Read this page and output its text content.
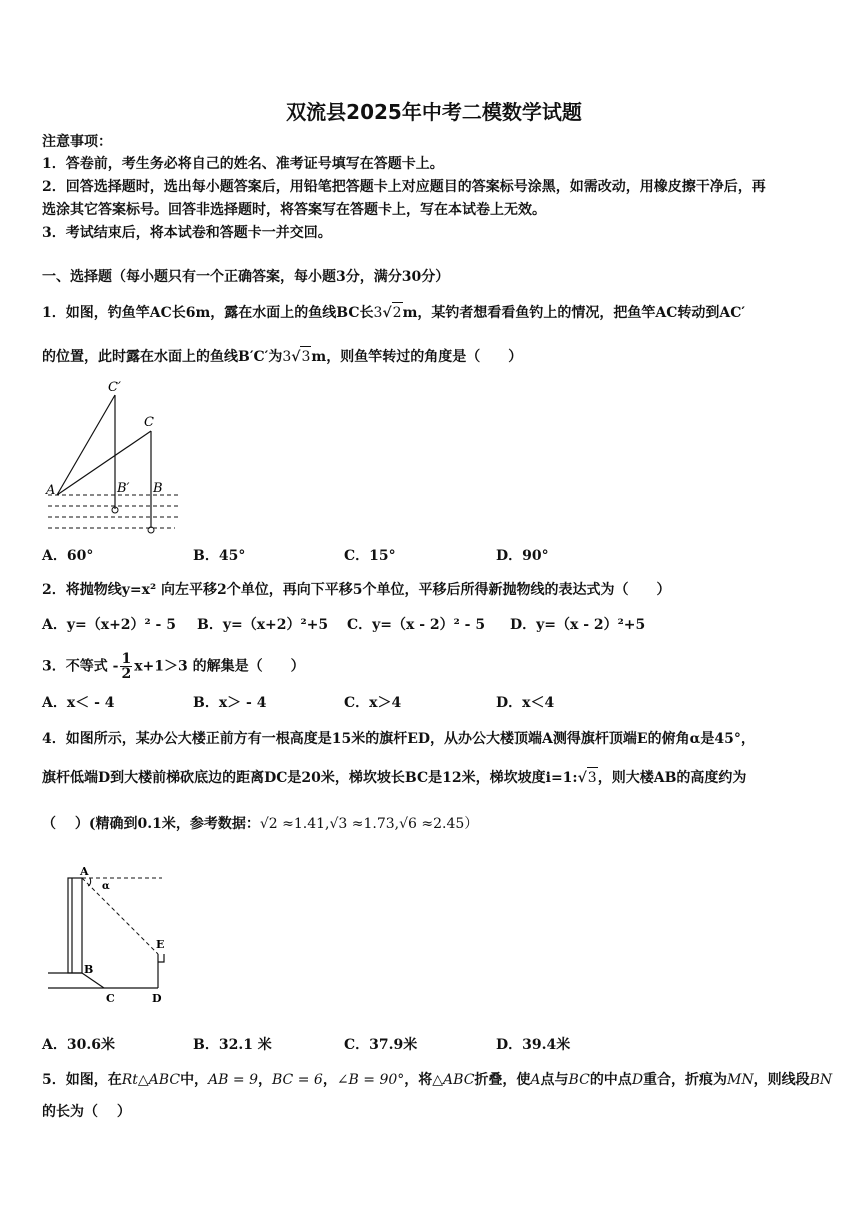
双流县2025年中考二模数学试题
注意事项：
1．答卷前，考生务必将自己的姓名、准考证号填写在答题卡上。
2．回答选择题时，选出每小题答案后，用铅笔把答题卡上对应题目的答案标号涂黑，如需改动，用橡皮擦干净后，再
选涂其它答案标号。回答非选择题时，将答案写在答题卡上，写在本试卷上无效。
3．考试结束后，将本试卷和答题卡一并交回。
一、选择题（每小题只有一个正确答案，每小题3分，满分30分）
1．如图，钓鱼竿AC长6m，露在水面上的鱼线BC长3√2m，某钓者想看看鱼钓上的情况，把鱼竿AC转动到AC′
的位置，此时露在水面上的鱼线B′C′为3√3m，则鱼竿转过的角度是（　　）
A	B′ B
C
C′
A．60°	B．45°	C．15°	D．90°
2．将抛物线y=x² 向左平移2个单位，再向下平移5个单位，平移后所得新抛物线的表达式为（　　）
A．y=（x+2）² - 5 B．y=（x+2）²+5 C．y=（x - 2）² - 5 D．y=（x - 2）²+5
3．不等式 - $\frac{1}{2} x+1>3$ 的解集是（　　）
A．x＜ - 4	B．x＞ - 4	C．x＞4	D．x＜4
4．如图所示，某办公大楼正前方有一根高度是15米的旗杆ED，从办公大楼顶端A测得旗杆顶端E的俯角α是45°，
旗杆低端D到大楼前梯砍底边的距离DC是20米，梯坎坡长BC是12米，梯坎坡度i=1:√3，则大楼AB的高度约为
（　 ）(精确到0.1米，参考数据：√2 ≈1.41,√3 ≈1.73,√6 ≈2.45）
A
α
B
C	D
E
A．30.6米	B．32.1 米	C．37.9米	D．39.4米
5．如图，在Rt△ABC中，AB = 9，BC = 6，∠B = 90°，将△ABC折叠，使A点与BC的中点D重合，折痕为MN，则线段BN
的长为（　 ）
